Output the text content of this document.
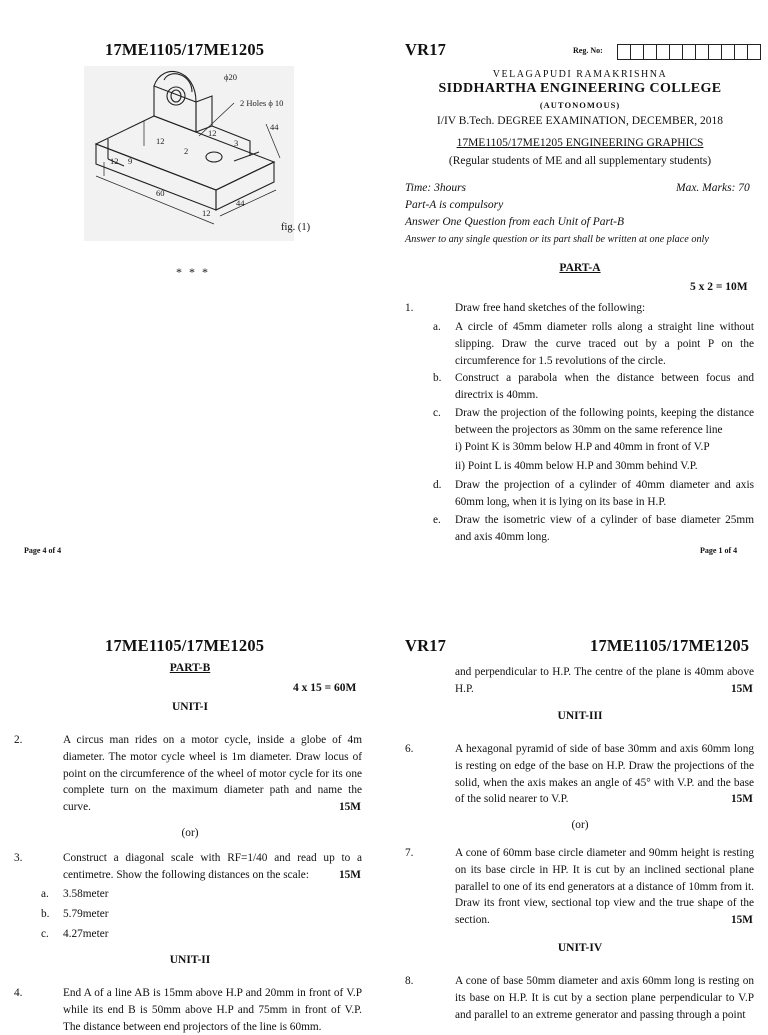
17ME1105/17ME1205
ϕ20
2 Holes ϕ 10
44
12
9
12
60
12
44
3
2
12
fig. (1)
* * *
Page 4 of 4
VR17	Reg. No:
VELAGAPUDI RAMAKRISHNA
SIDDHARTHA ENGINEERING COLLEGE
(AUTONOMOUS)
I/IV B.Tech. DEGREE EXAMINATION, DECEMBER, 2018
17ME1105/17ME1205 ENGINEERING GRAPHICS
(Regular students of ME and all supplementary students)
Time: 3hours	Max. Marks: 70
Part-A is compulsory
Answer One Question from each Unit of Part-B
Answer to any single question or its part shall be written at one place only
PART-A
5 x 2 = 10M
1.	Draw free hand sketches of the following:
a. A circle of 45mm diameter rolls along a straight line without slipping. Draw the curve traced out by a point P on the circumference for 1.5 revolutions of the circle.
b. Construct a parabola when the distance between focus and directrix is 40mm.
c. Draw the projection of the following points, keeping the distance between the projectors as 30mm on the same reference line
i) Point K is 30mm below H.P and 40mm in front of V.P
ii) Point L is 40mm below H.P and 30mm behind V.P.
d. Draw the projection of a cylinder of 40mm diameter and axis 60mm long, when it is lying on its base in H.P.
e. Draw the isometric view of a cylinder of base diameter 25mm and axis 40mm long.
Page 1 of 4
17ME1105/17ME1205
PART-B
4 x 15 = 60M
UNIT-I
2.	A circus man rides on a motor cycle, inside a globe of 4m diameter. The motor cycle wheel is 1m diameter. Draw locus of point on the circumference of the wheel of motor cycle for its one complete turn on the maximum diameter path and name the curve.	15M
(or)
3.	Construct a diagonal scale with RF=1/40 and read up to a centimetre. Show the following distances on the scale:	15M
a. 3.58meter
b. 5.79meter
c. 4.27meter
UNIT-II
4.	End A of a line AB is 15mm above H.P and 20mm in front of V.P while its end B is 50mm above H.P and 75mm in front of V.P. The distance between end projectors of the line is 60mm.
VR17	17ME1105/17ME1205
and perpendicular to H.P. The centre of the plane is 40mm above H.P.	15M
UNIT-III
6.	A hexagonal pyramid of side of base 30mm and axis 60mm long is resting on edge of the base on H.P. Draw the projections of the solid, when the axis makes an angle of 45° with V.P. and the base of the solid nearer to V.P.	15M
(or)
7.	A cone of 60mm base circle diameter and 90mm height is resting on its base circle in HP. It is cut by an inclined sectional plane parallel to one of its end generators at a distance of 10mm from it. Draw its front view, sectional top view and the true shape of the section.	15M
UNIT-IV
8.	A cone of base 50mm diameter and axis 60mm long is resting on its base on H.P. It is cut by a section plane perpendicular to V.P and parallel to an extreme generator and passing through a point
